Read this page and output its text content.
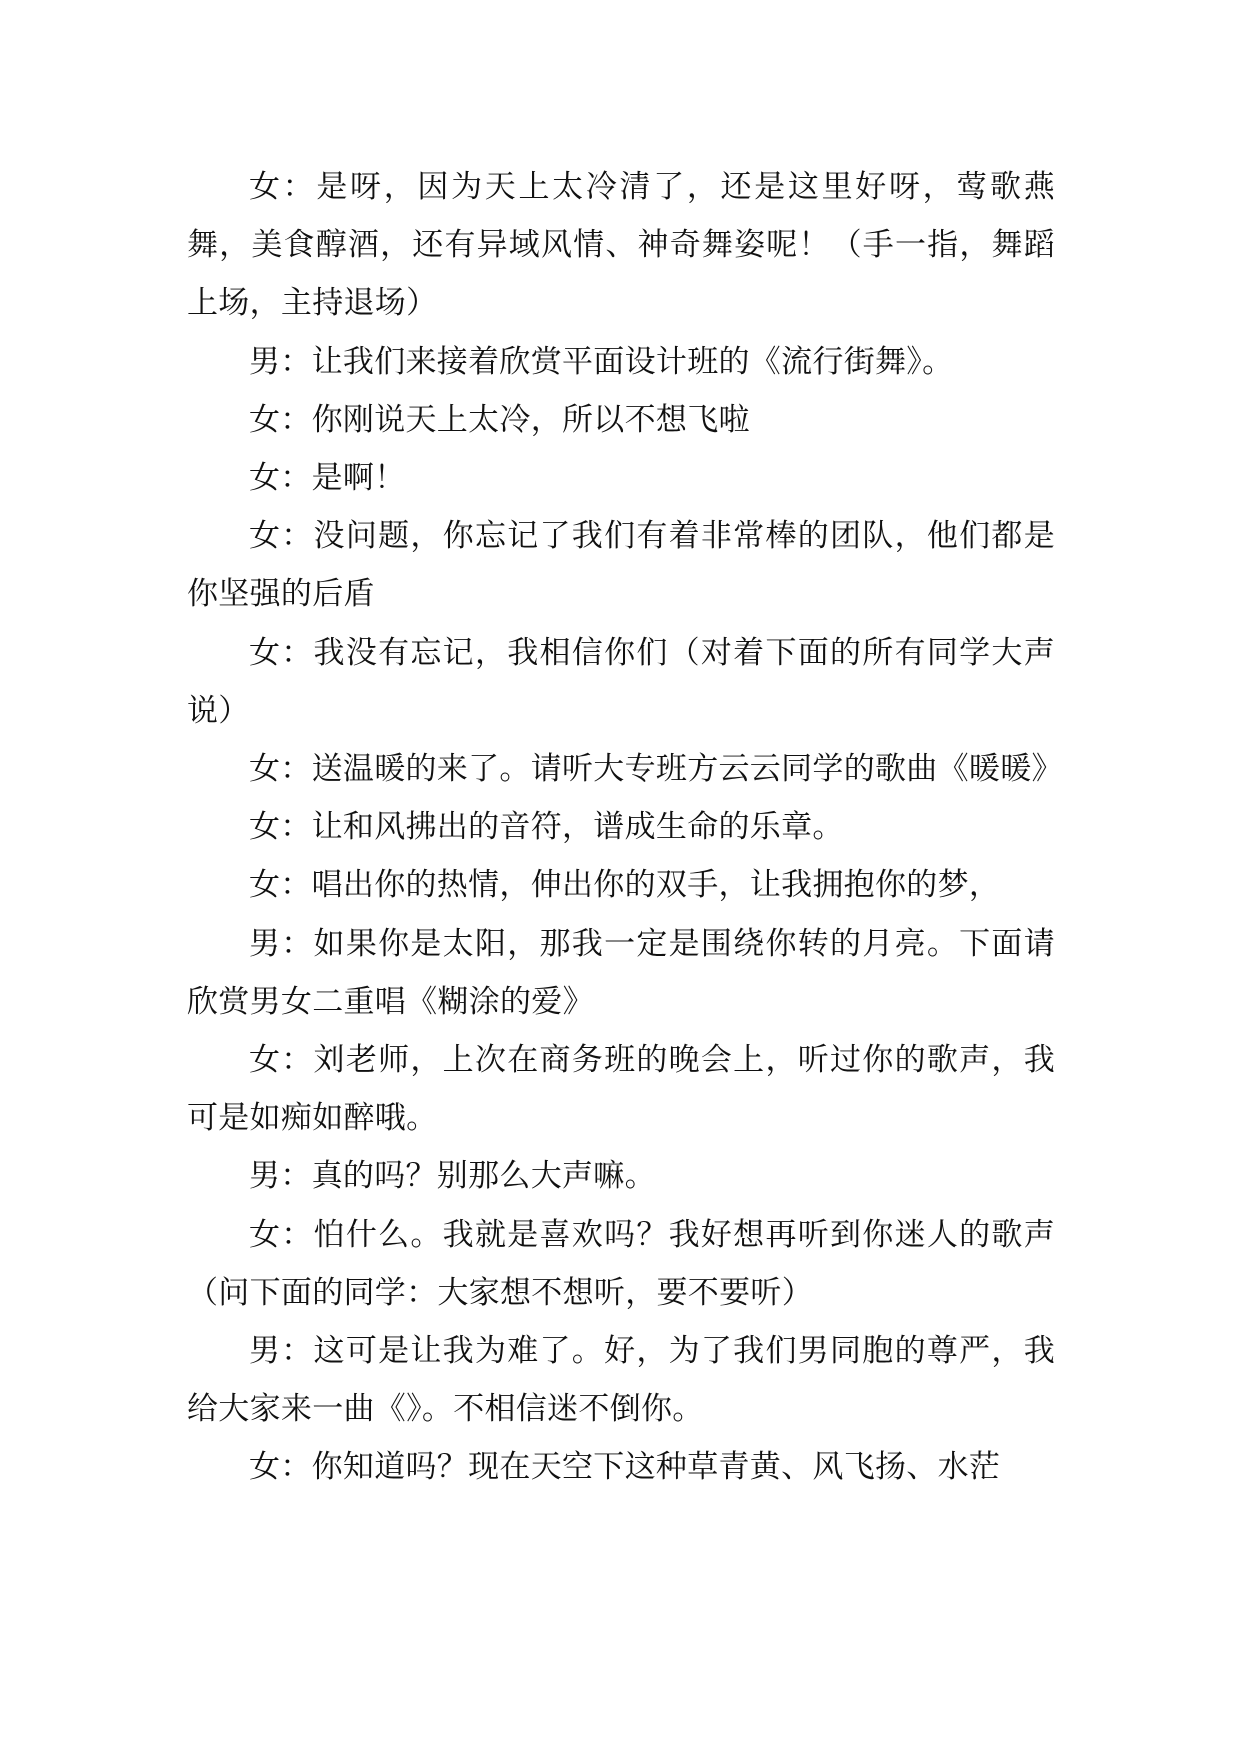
女：是呀，因为天上太冷清了，还是这里好呀，莺歌燕舞，美食醇酒，还有异域风情、神奇舞姿呢！（手一指，舞蹈上场，主持退场）

男：让我们来接着欣赏平面设计班的《流行街舞》。

女：你刚说天上太冷，所以不想飞啦

女：是啊！

女：没问题，你忘记了我们有着非常棒的团队，他们都是你坚强的后盾

女：我没有忘记，我相信你们（对着下面的所有同学大声说）

女：送温暖的来了。请听大专班方云云同学的歌曲《暖暖》

女：让和风拂出的音符，谱成生命的乐章。

女：唱出你的热情，伸出你的双手，让我拥抱你的梦，

男：如果你是太阳，那我一定是围绕你转的月亮。下面请欣赏男女二重唱《糊涂的爱》

女：刘老师，上次在商务班的晚会上，听过你的歌声，我可是如痴如醉哦。

男：真的吗？别那么大声嘛。

女：怕什么。我就是喜欢吗？我好想再听到你迷人的歌声（问下面的同学：大家想不想听，要不要听）

男：这可是让我为难了。好，为了我们男同胞的尊严，我给大家来一曲《》。不相信迷不倒你。

女：你知道吗？现在天空下这种草青黄、风飞扬、水茫
